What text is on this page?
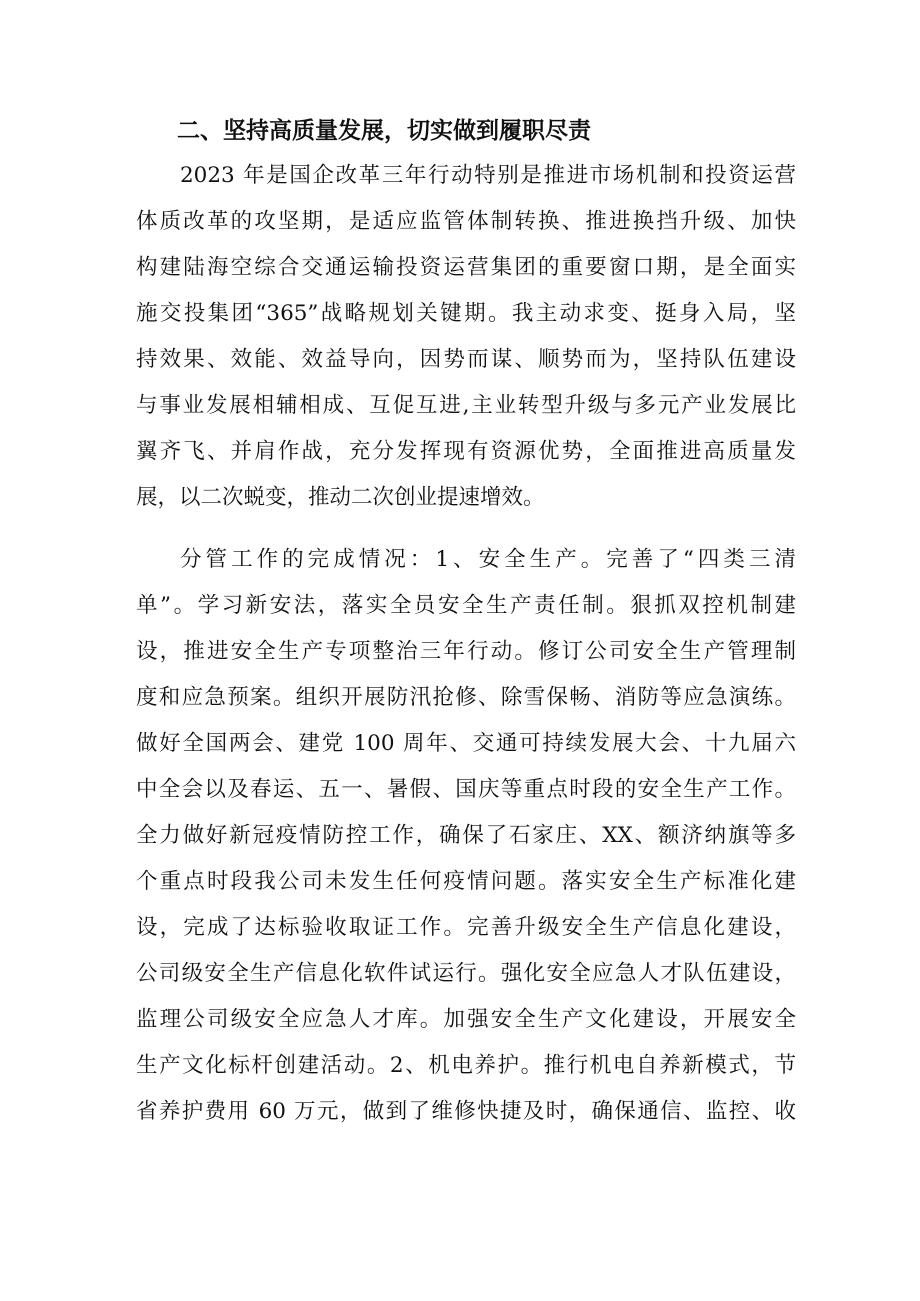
二、坚持高质量发展，切实做到履职尽责
2023 年是国企改革三年行动特别是推进市场机制和投资运营
体质改革的攻坚期，是适应监管体制转换、推进换挡升级、加快
构建陆海空综合交通运输投资运营集团的重要窗口期，是全面实
施交投集团“365”战略规划关键期。我主动求变、挺身入局，坚
持效果、效能、效益导向，因势而谋、顺势而为，坚持队伍建设
与事业发展相辅相成、互促互进,主业转型升级与多元产业发展比
翼齐飞、并肩作战，充分发挥现有资源优势，全面推进高质量发
展，以二次蜕变，推动二次创业提速增效。
分管工作的完成情况：1、安全生产。完善了“四类三清
单”。学习新安法，落实全员安全生产责任制。狠抓双控机制建
设，推进安全生产专项整治三年行动。修订公司安全生产管理制
度和应急预案。组织开展防汛抢修、除雪保畅、消防等应急演练。
做好全国两会、建党 100 周年、交通可持续发展大会、十九届六
中全会以及春运、五一、暑假、国庆等重点时段的安全生产工作。
全力做好新冠疫情防控工作，确保了石家庄、XX、额济纳旗等多
个重点时段我公司未发生任何疫情问题。落实安全生产标准化建
设，完成了达标验收取证工作。完善升级安全生产信息化建设，
公司级安全生产信息化软件试运行。强化安全应急人才队伍建设，
监理公司级安全应急人才库。加强安全生产文化建设，开展安全
生产文化标杆创建活动。2、机电养护。推行机电自养新模式，节
省养护费用 60 万元，做到了维修快捷及时，确保通信、监控、收
